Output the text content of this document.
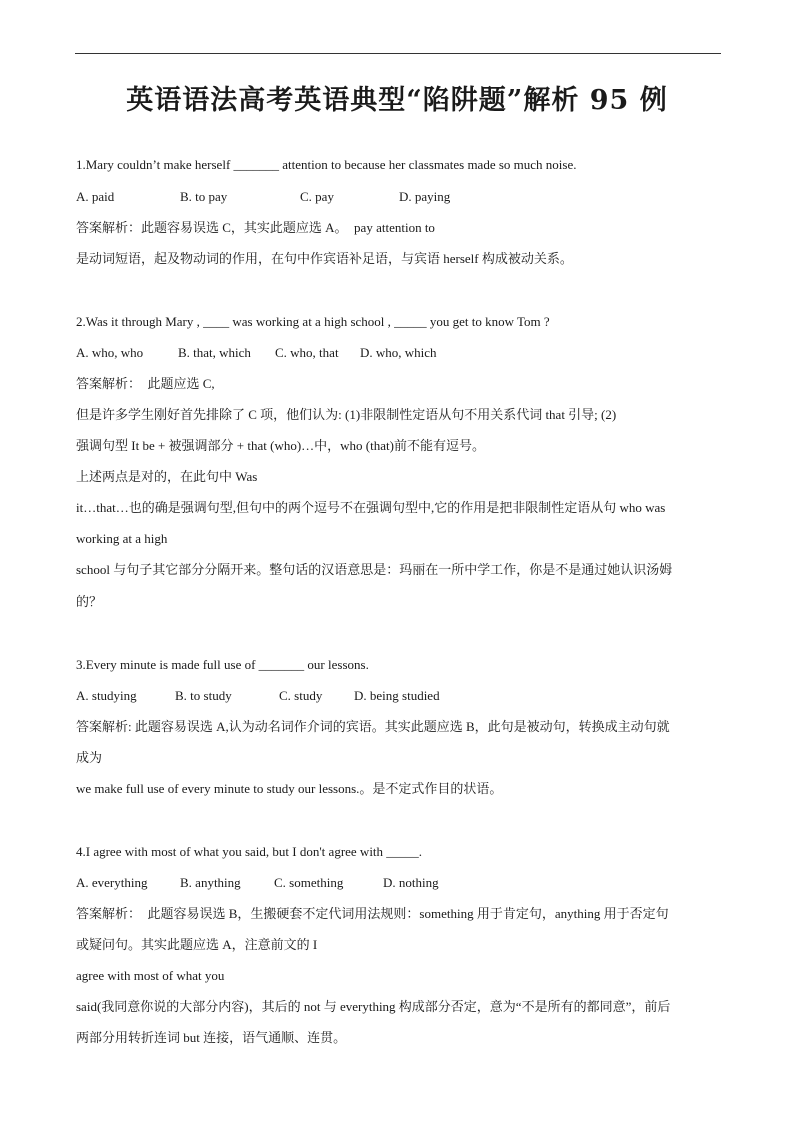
英语语法高考英语典型“陷阱题”解析 95 例
1.Mary couldn’t make herself _______ attention to because her classmates made so much noise.
A. paid	B. to pay	C. pay	D. paying
答案解析：此题容易误选 C，其实此题应选 A。　pay attention to
是动词短语，起及物动词的作用，在句中作宾语补足语，与宾语 herself 构成被动关系。
2.Was it through Mary , ____ was working at a high school , _____ you get to know Tom ?
A. who, who	B. that, which C. who, that D. who, which
答案解析：　此题应选 C,
但是许多学生刚好首先排除了 C 项，他们认为: (1)非限制性定语从句不用关系代词 that 引导; (2)
强调句型 It be + 被强调部分 + that (who)…中，who (that)前不能有逗号。
上述两点是对的，在此句中 Was
it…that…也的确是强调句型,但句中的两个逗号不在强调句型中,它的作用是把非限制性定语从句 who was
working at a high
school 与句子其它部分分隔开来。整句话的汉语意思是：玛丽在一所中学工作，你是不是通过她认识汤姆
的？
3.Every minute is made full use of _______ our lessons.
A. studying	B. to study	C. study D. being studied
答案解析: 此题容易误选 A,认为动名词作介词的宾语。其实此题应选 B，此句是被动句，转换成主动句就
成为
we make full use of every minute to study our lessons.。是不定式作目的状语。
4.I agree with most of what you said, but I don't agree with _____.
A. everything	B. anything	C. something	D. nothing
答案解析：　此题容易误选 B，生搬硬套不定代词用法规则：something 用于肯定句，anything 用于否定句
或疑问句。其实此题应选 A，注意前文的 I
agree with most of what you
said(我同意你说的大部分内容)，其后的 not 与 everything 构成部分否定，意为“不是所有的都同意”，前后
两部分用转折连词 but 连接，语气通顺、连贯。
